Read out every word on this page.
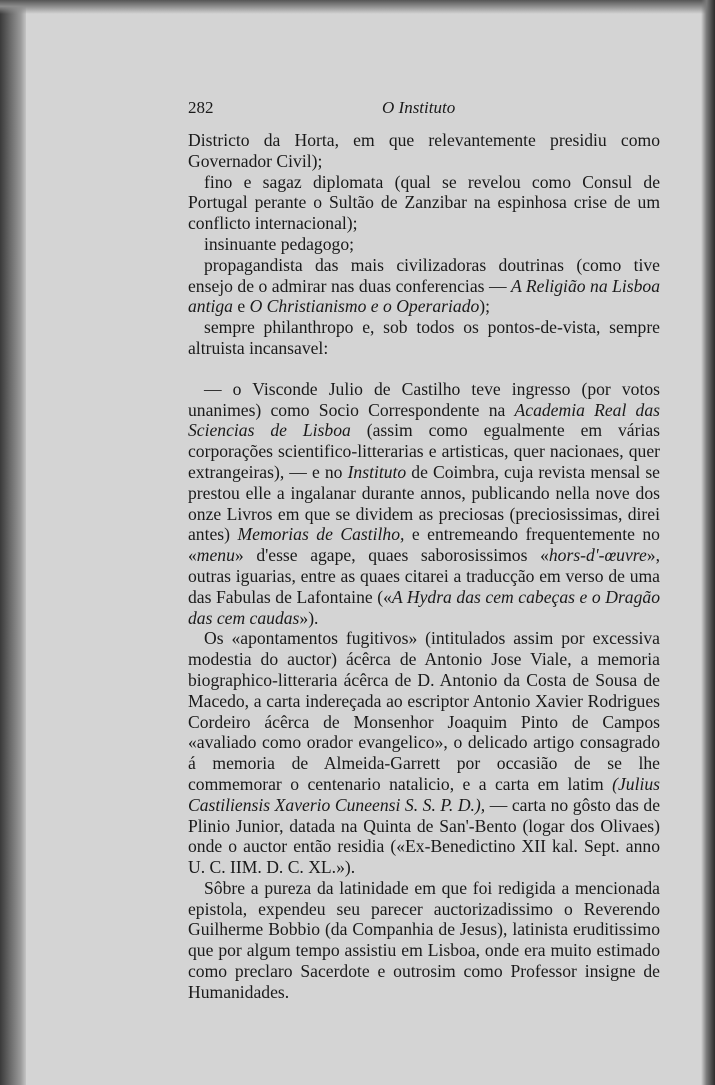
282	O Instituto

Districto da Horta, em que relevantemente presidiu como Governador Civil);

fino e sagaz diplomata (qual se revelou como Consul de Portugal perante o Sultão de Zanzibar na espinhosa crise de um conflicto internacional);

insinuante pedagogo;

propagandista das mais civilizadoras doutrinas (como tive ensejo de o admirar nas duas conferencias — A Religião na Lisboa antiga e O Christianismo e o Operariado);

sempre philanthropo e, sob todos os pontos-de-vista, sempre altruista incansavel:

— o Visconde Julio de Castilho teve ingresso (por votos unanimes) como Socio Correspondente na Academia Real das Sciencias de Lisboa (assim como egualmente em várias corporações scientifico-litterarias e artisticas, quer nacionaes, quer extrangeiras), — e no Instituto de Coimbra, cuja revista mensal se prestou elle a ingalanar durante annos, publicando nella nove dos onze Livros em que se dividem as preciosas (preciosissimas, direi antes) Memorias de Castilho, e entremeando frequentemente no «menu» d'esse agape, quaes saborosissimos «hors-d'-œuvre», outras iguarias, entre as quaes citarei a traducção em verso de uma das Fabulas de Lafontaine («A Hydra das cem cabeças e o Dragão das cem caudas»).

Os «apontamentos fugitivos» (intitulados assim por excessiva modestia do auctor) ácêrca de Antonio Jose Viale, a memoria biographico-litteraria ácêrca de D. Antonio da Costa de Sousa de Macedo, a carta indereçada ao escriptor Antonio Xavier Rodrigues Cordeiro ácêrca de Monsenhor Joaquim Pinto de Campos «avaliado como orador evangelico», o delicado artigo consagrado á memoria de Almeida-Garrett por occasião de se lhe commemorar o centenario natalicio, e a carta em latim (Julius Castiliensis Xaverio Cuneensi S. S. P. D.), — carta no gôsto das de Plinio Junior, datada na Quinta de San'-Bento (logar dos Olivaes) onde o auctor então residia («Ex-Benedictino XII kal. Sept. anno U. C. IIM. D. C. XL.»).

Sôbre a pureza da latinidade em que foi redigida a mencionada epistola, expendeu seu parecer auctorizadissimo o Reverendo Guilherme Bobbio (da Companhia de Jesus), latinista eruditissimo que por algum tempo assistiu em Lisboa, onde era muito estimado como preclaro Sacerdote e outrosim como Professor insigne de Humanidades.
